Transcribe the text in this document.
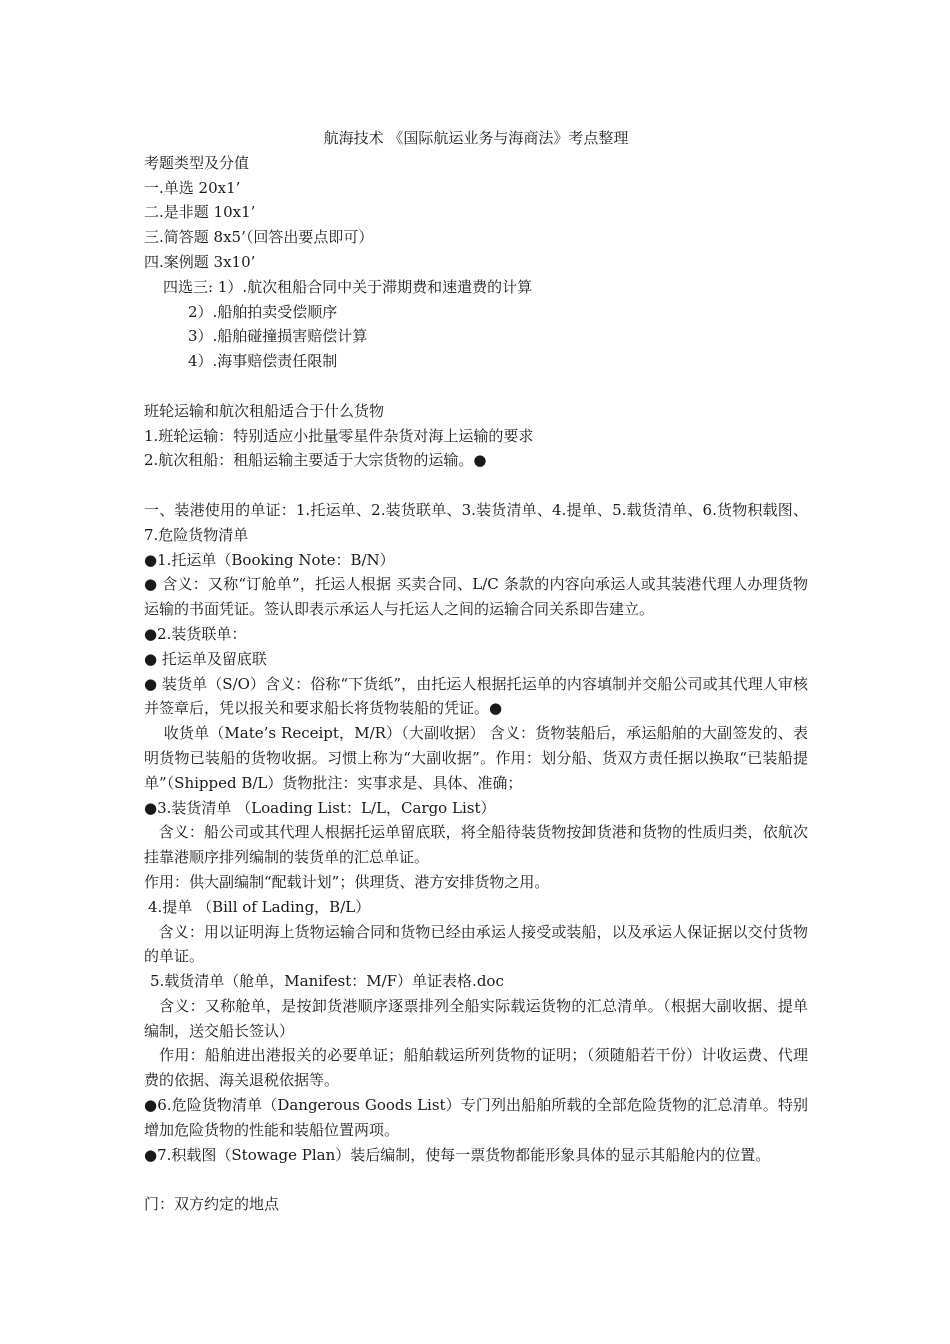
航海技术 《国际航运业务与海商法》考点整理

考题类型及分值

一.单选 20x1’

二.是非题 10x1’

三.简答题 8x5’（回答出要点即可）

四.案例题 3x10’

四选三: 1）.航次租船合同中关于滞期费和速遣费的计算

2）.船舶拍卖受偿顺序

3）.船舶碰撞损害赔偿计算

4）.海事赔偿责任限制

班轮运输和航次租船适合于什么货物

1.班轮运输：特别适应小批量零星件杂货对海上运输的要求

2.航次租船：租船运输主要适于大宗货物的运输。●

一、装港使用的单证：1.托运单、2.装货联单、3.装货清单、4.提单、5.载货清单、6.货物积载图、7.危险货物清单

●1.托运单（Booking Note：B/N）

● 含义：又称“订舱单”，托运人根据 买卖合同、L/C 条款的内容向承运人或其装港代理人办理货物运输的书面凭证。签认即表示承运人与托运人之间的运输合同关系即告建立。

●2.装货联单：

● 托运单及留底联

● 装货单（S/O）含义：俗称“下货纸”，由托运人根据托运单的内容填制并交船公司或其代理人审核并签章后，凭以报关和要求船长将货物装船的凭证。●

收货单（Mate’s Receipt，M/R）（大副收据） 含义：货物装船后，承运船舶的大副签发的、表明货物已装船的货物收据。习惯上称为“大副收据”。作用：划分船、货双方责任据以换取“已装船提单”（Shipped B/L）货物批注：实事求是、具体、准确；

●3.装货清单 （Loading List：L/L，Cargo List）

含义：船公司或其代理人根据托运单留底联，将全船待装货物按卸货港和货物的性质归类，依航次挂靠港顺序排列编制的装货单的汇总单证。

作用：供大副编制“配载计划”；供理货、港方安排货物之用。

4.提单 （Bill of Lading，B/L）

含义：用以证明海上货物运输合同和货物已经由承运人接受或装船，以及承运人保证据以交付货物的单证。

5.载货清单（舱单，Manifest：M/F）单证表格.doc

含义：又称舱单，是按卸货港顺序逐票排列全船实际载运货物的汇总清单。（根据大副收据、提单编制，送交船长签认）

作用：船舶进出港报关的必要单证；船舶载运所列货物的证明；（须随船若干份）计收运费、代理费的依据、海关退税依据等。

●6.危险货物清单（Dangerous Goods List）专门列出船舶所载的全部危险货物的汇总清单。特别增加危险货物的性能和装船位置两项。

●7.积载图（Stowage Plan）装后编制，使每一票货物都能形象具体的显示其船舱内的位置。

门：双方约定的地点
